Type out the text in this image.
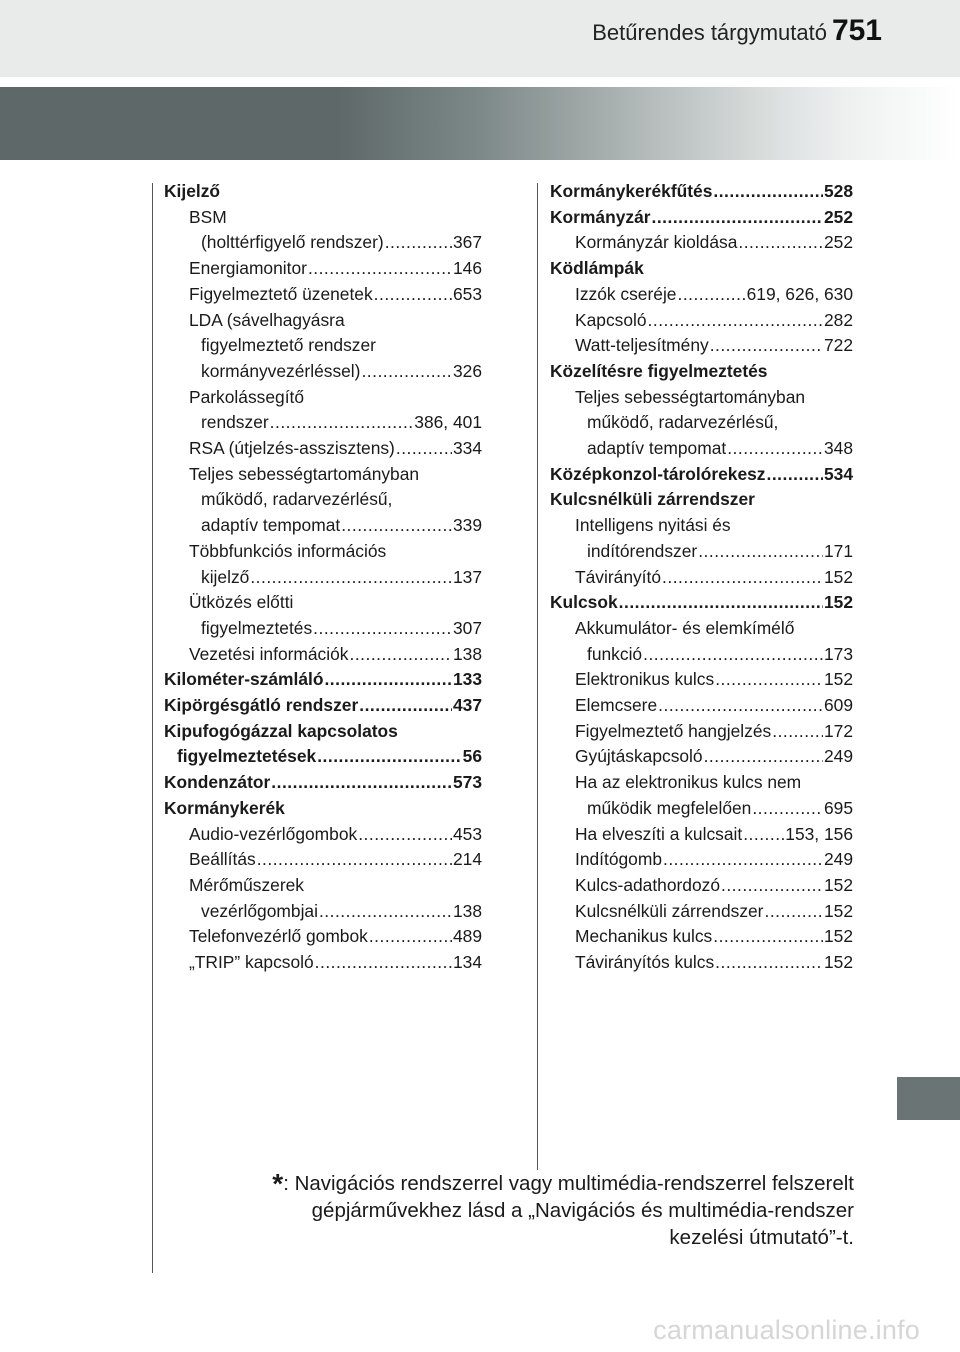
Betűrendes tárgymutató 751
Kijelző
BSM
(holttérfigyelő rendszer) .....	367
Energiamonitor .....	146
Figyelmeztető üzenetek .....	653
LDA (sávelhagyásra
figyelmeztető rendszer
kormányvezérléssel) .....	326
Parkolássegítő
rendszer .....	386, 401
RSA (útjelzés-asszisztens) .....	334
Teljes sebességtartományban
működő, radarvezérlésű,
adaptív tempomat .....	339
Többfunkciós információs
kijelző .....	137
Ütközés előtti
figyelmeztetés .....	307
Vezetési információk .....	138
Kilométer-számláló .....	133
Kipörgésgátló rendszer .....	437
Kipufogógázzal kapcsolatos
figyelmeztetések .....	56
Kondenzátor .....	573
Kormánykerék
Audio-vezérlőgombok .....	453
Beállítás .....	214
Mérőműszerek
vezérlőgombjai .....	138
Telefonvezérlő gombok .....	489
„TRIP” kapcsoló .....	134
Kormánykerékfűtés .....	528
Kormányzár .....	252
Kormányzár kioldása .....	252
Ködlámpák
Izzók cseréje .....	619, 626, 630
Kapcsoló .....	282
Watt-teljesítmény .....	722
Közelítésre figyelmeztetés
Teljes sebességtartományban
működő, radarvezérlésű,
adaptív tempomat .....	348
Középkonzol-tárolórekesz .....	534
Kulcsnélküli zárrendszer
Intelligens nyitási és
indítórendszer .....	171
Távirányító .....	152
Kulcsok .....	152
Akkumulátor- és elemkímélő
funkció .....	173
Elektronikus kulcs .....	152
Elemcsere .....	609
Figyelmeztető hangjelzés .....	172
Gyújtáskapcsoló .....	249
Ha az elektronikus kulcs nem
működik megfelelően .....	695
Ha elveszíti a kulcsait ..... 153, 156
Indítógomb .....	249
Kulcs-adathordozó .....	152
Kulcsnélküli zárrendszer .....	152
Mechanikus kulcs .....	152
Távirányítós kulcs .....	152
*: Navigációs rendszerrel vagy multimédia-rendszerrel felszerelt
gépjárművekhez lásd a „Navigációs és multimédia-rendszer
kezelési útmutató”-t.
carmanualsonline.info
